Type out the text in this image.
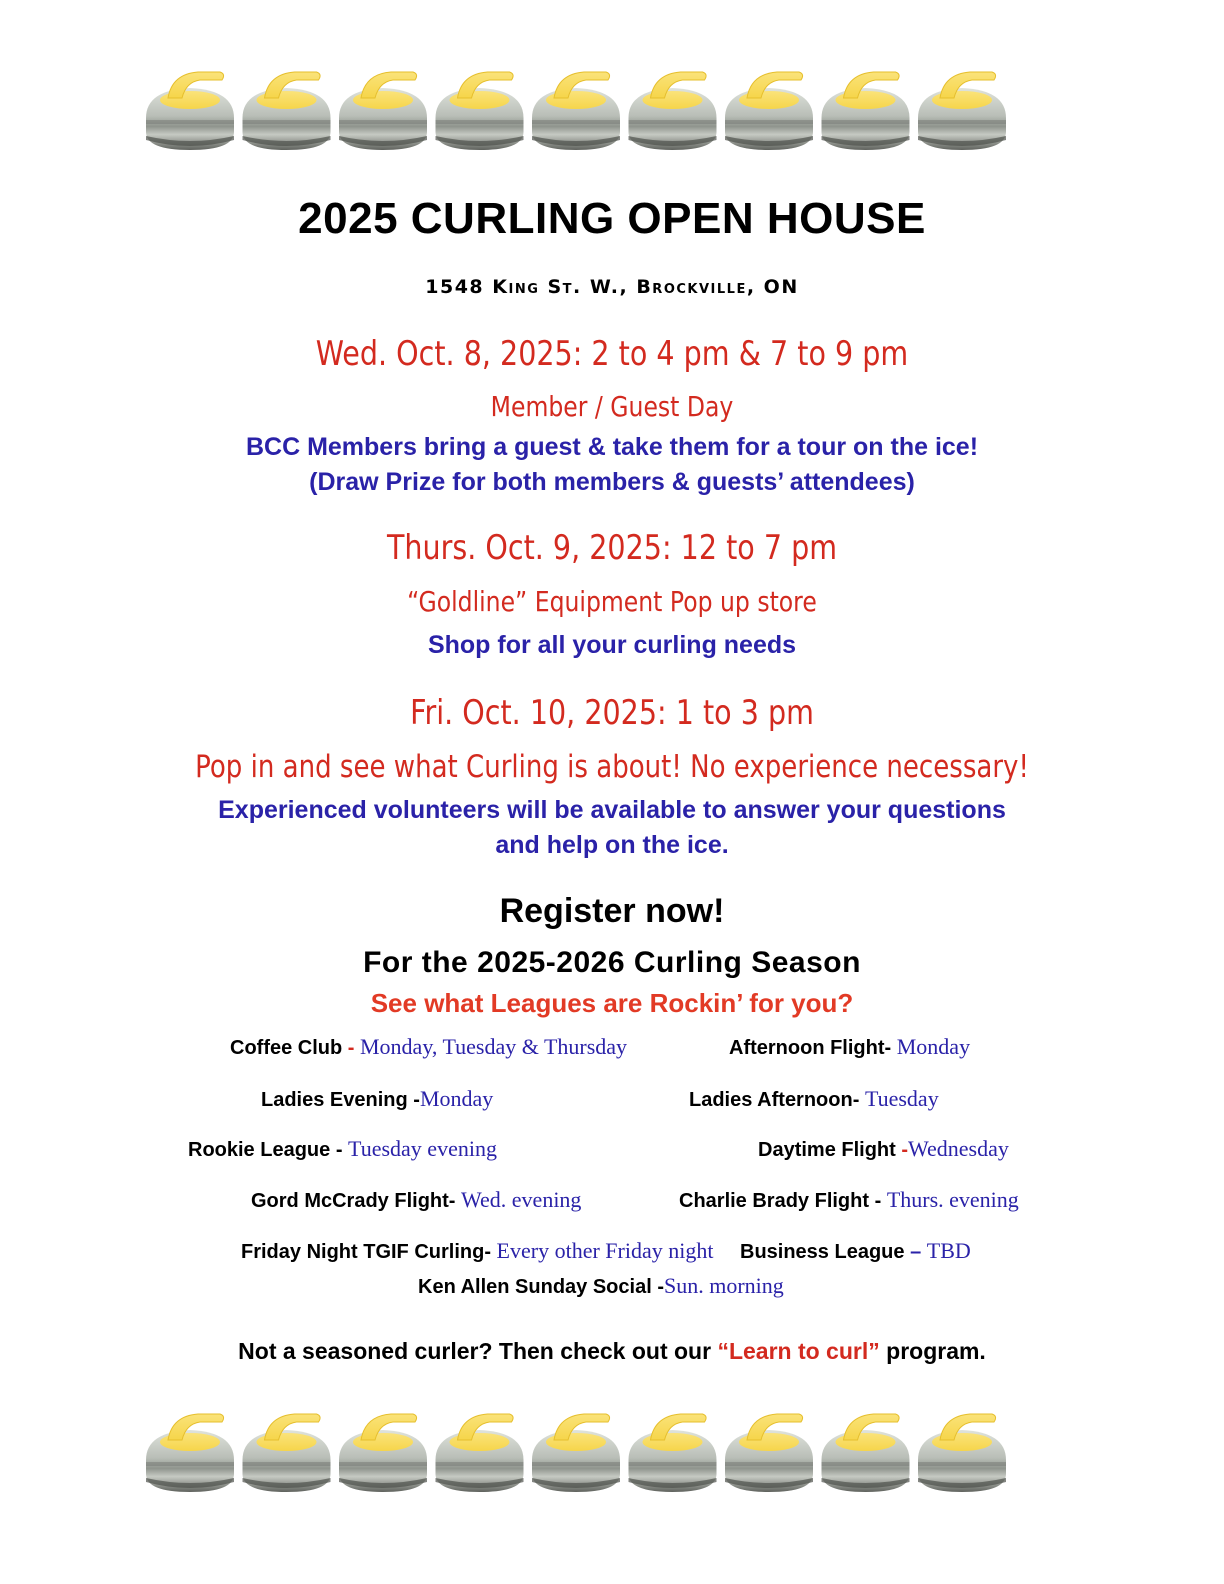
2025 CURLING OPEN HOUSE
1548 King St. W., Brockville, ON
Wed. Oct. 8, 2025: 2 to 4 pm & 7 to 9 pm
Member / Guest Day
BCC Members bring a guest & take them for a tour on the ice!
(Draw Prize for both members & guests’ attendees)
Thurs. Oct. 9, 2025: 12 to 7 pm
“Goldline” Equipment Pop up store
Shop for all your curling needs
Fri. Oct. 10, 2025: 1 to 3 pm
Pop in and see what Curling is about! No experience necessary!
Experienced volunteers will be available to answer your questions
and help on the ice.
Register now!
For the 2025-2026 Curling Season
See what Leagues are Rockin’ for you?
Coffee Club - Monday, Tuesday & Thursday	Afternoon Flight- Monday
Ladies Evening -Monday	Ladies Afternoon- Tuesday
Rookie League - Tuesday evening	Daytime Flight -Wednesday
Gord McCrady Flight- Wed. evening	Charlie Brady Flight - Thurs. evening
Friday Night TGIF Curling- Every other Friday night Business League – TBD
Ken Allen Sunday Social -Sun. morning
Not a seasoned curler? Then check out our “Learn to curl” program.
